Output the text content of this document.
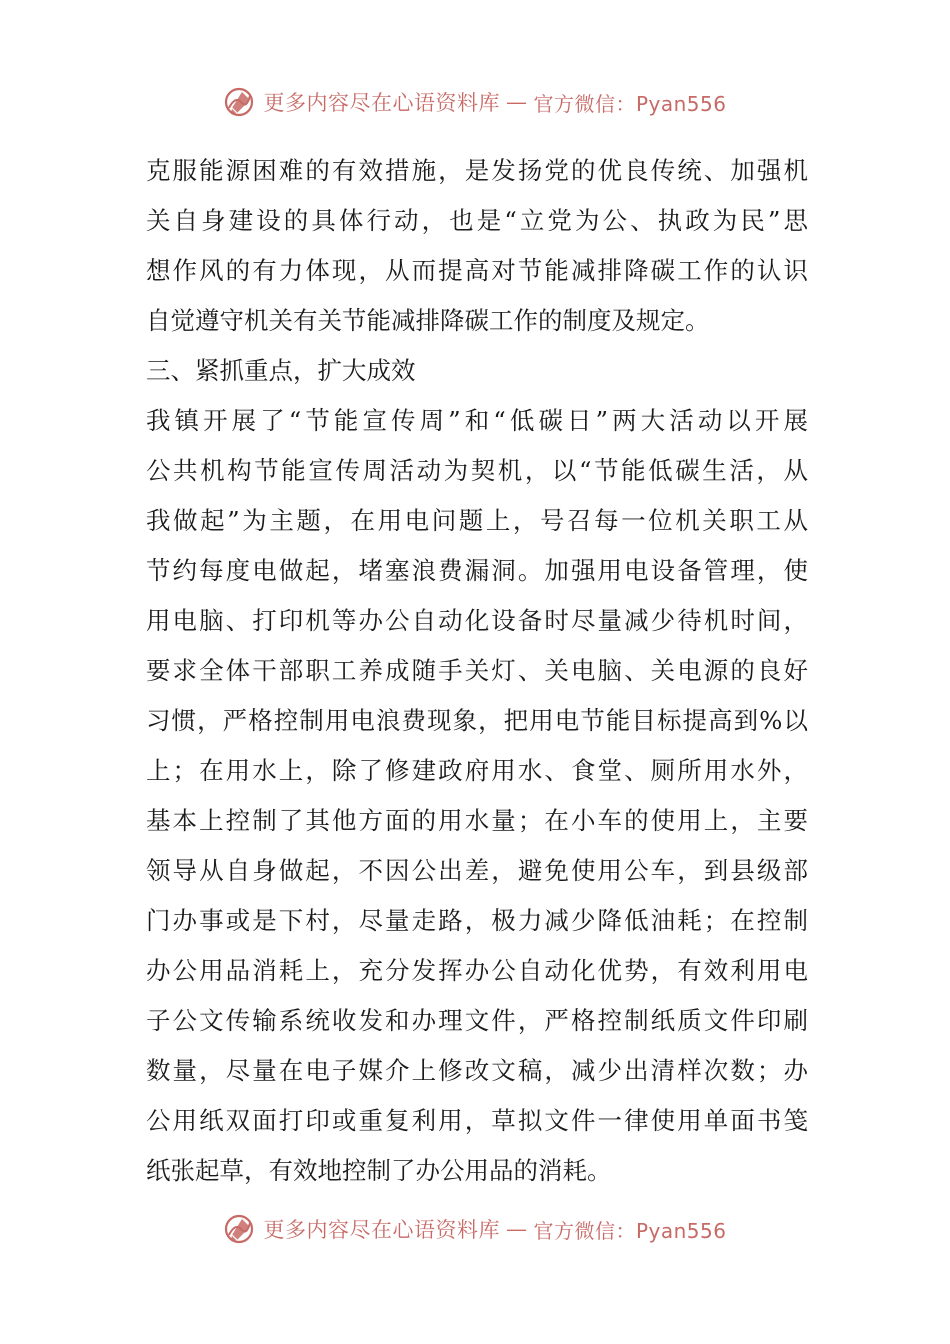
更多内容尽在心语资料库 — 官方微信：Pyan556
克服能源困难的有效措施，是发扬党的优良传统、加强机
关自身建设的具体行动，也是“立党为公、执政为民”思
想作风的有力体现，从而提高对节能减排降碳工作的认识
自觉遵守机关有关节能减排降碳工作的制度及规定。
三、紧抓重点，扩大成效
我镇开展了“节能宣传周”和“低碳日”两大活动以开展
公共机构节能宣传周活动为契机，以“节能低碳生活，从
我做起”为主题，在用电问题上，号召每一位机关职工从
节约每度电做起，堵塞浪费漏洞。加强用电设备管理，使
用电脑、打印机等办公自动化设备时尽量减少待机时间，
要求全体干部职工养成随手关灯、关电脑、关电源的良好
习惯，严格控制用电浪费现象，把用电节能目标提高到%以
上；在用水上，除了修建政府用水、食堂、厕所用水外，
基本上控制了其他方面的用水量；在小车的使用上，主要
领导从自身做起，不因公出差，避免使用公车，到县级部
门办事或是下村，尽量走路，极力减少降低油耗；在控制
办公用品消耗上，充分发挥办公自动化优势，有效利用电
子公文传输系统收发和办理文件，严格控制纸质文件印刷
数量，尽量在电子媒介上修改文稿，减少出清样次数；办
公用纸双面打印或重复利用，草拟文件一律使用单面书笺
纸张起草，有效地控制了办公用品的消耗。
更多内容尽在心语资料库 — 官方微信：Pyan556
